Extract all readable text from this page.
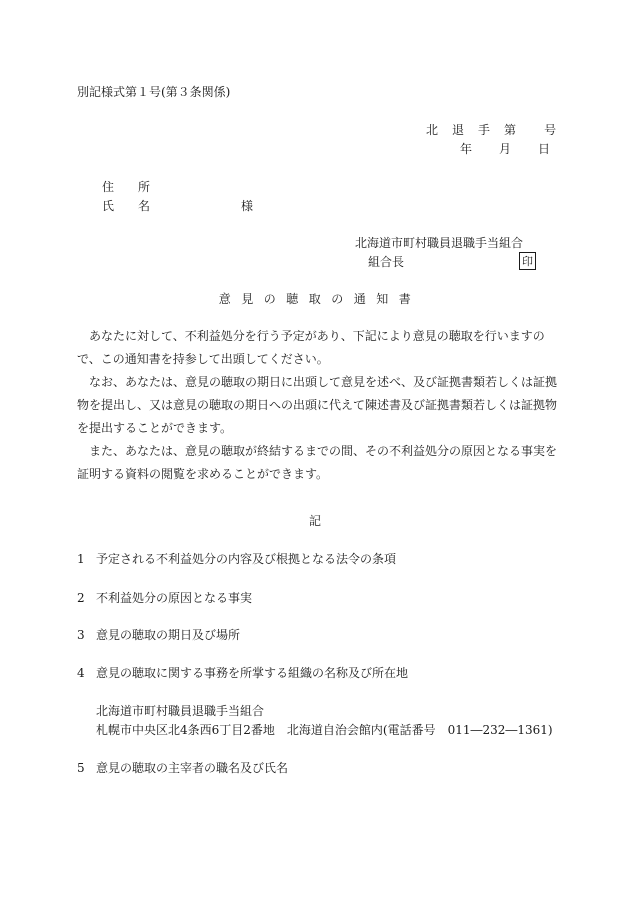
別記様式第１号(第３条関係)
北 退 手 第 号
年 月 日
住　　所
氏　　名	様
北海道市町村職員退職手当組合
組合長	印
意見の聴取の通知書
あなたに対して、不利益処分を行う予定があり、下記により意見の聴取を行いますので、この通知書を持参して出頭してください。
なお、あなたは、意見の聴取の期日に出頭して意見を述べ、及び証拠書類若しくは証拠物を提出し、又は意見の聴取の期日への出頭に代えて陳述書及び証拠書類若しくは証拠物を提出することができます。
また、あなたは、意見の聴取が終結するまでの間、その不利益処分の原因となる事実を証明する資料の閲覧を求めることができます。
記
1 予定される不利益処分の内容及び根拠となる法令の条項
2 不利益処分の原因となる事実
3 意見の聴取の期日及び場所
4 意見の聴取に関する事務を所掌する組織の名称及び所在地
北海道市町村職員退職手当組合
札幌市中央区北4条西6丁目2番地　北海道自治会館内(電話番号　011―232―1361)
5 意見の聴取の主宰者の職名及び氏名
